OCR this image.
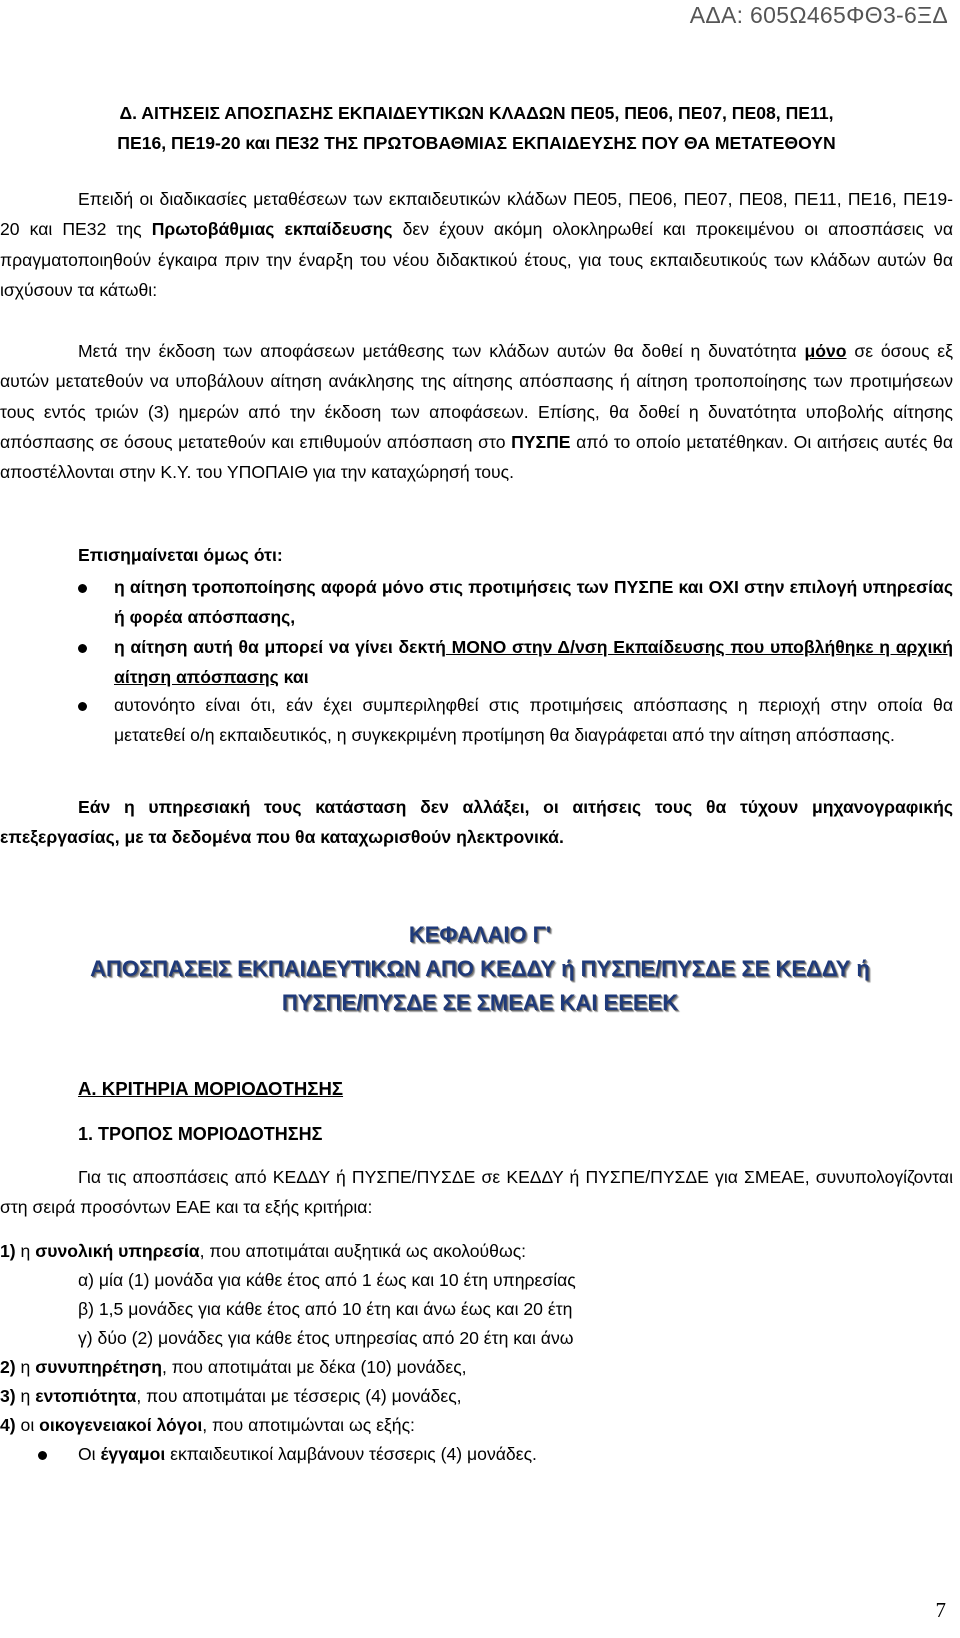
ΑΔΑ: 605Ω465ΦΘ3-6ΞΔ
Δ. ΑΙΤΗΣΕΙΣ ΑΠΟΣΠΑΣΗΣ ΕΚΠΑΙΔΕΥΤΙΚΩΝ ΚΛΑΔΩΝ ΠΕ05, ΠΕ06, ΠΕ07, ΠΕ08, ΠΕ11,
ΠΕ16, ΠΕ19-20 και ΠΕ32 ΤΗΣ ΠΡΩΤΟΒΑΘΜΙΑΣ ΕΚΠΑΙΔΕΥΣΗΣ ΠΟΥ ΘΑ ΜΕΤΑΤΕΘΟΥΝ

Επειδή οι διαδικασίες μεταθέσεων των εκπαιδευτικών κλάδων ΠΕ05, ΠΕ06, ΠΕ07, ΠΕ08, ΠΕ11, ΠΕ16, ΠΕ19-20 και ΠΕ32 της Πρωτοβάθμιας εκπαίδευσης δεν έχουν ακόμη ολοκληρωθεί και προκειμένου οι αποσπάσεις να πραγματοποιηθούν έγκαιρα πριν την έναρξη του νέου διδακτικού έτους, για τους εκπαιδευτικούς των κλάδων αυτών θα ισχύσουν τα κάτωθι:

Μετά την έκδοση των αποφάσεων μετάθεσης των κλάδων αυτών θα δοθεί η δυνατότητα μόνο σε όσους εξ αυτών μετατεθούν να υποβάλουν αίτηση ανάκλησης της αίτησης απόσπασης ή αίτηση τροποποίησης των προτιμήσεων τους εντός τριών (3) ημερών από την έκδοση των αποφάσεων. Επίσης, θα δοθεί η δυνατότητα υποβολής αίτησης απόσπασης σε όσους μετατεθούν και επιθυμούν απόσπαση στο ΠΥΣΠΕ από το οποίο μετατέθηκαν. Οι αιτήσεις αυτές θα αποστέλλονται στην Κ.Υ. του ΥΠΟΠΑΙΘ για την καταχώρησή τους.

Επισημαίνεται όμως ότι:
η αίτηση τροποποίησης αφορά μόνο στις προτιμήσεις των ΠΥΣΠΕ και ΟΧΙ στην επιλογή υπηρεσίας ή φορέα απόσπασης,
η αίτηση αυτή θα μπορεί να γίνει δεκτή ΜΟΝΟ στην Δ/νση Εκπαίδευσης που υποβλήθηκε η αρχική αίτηση απόσπασης και
αυτονόητο είναι ότι, εάν έχει συμπεριληφθεί στις προτιμήσεις απόσπασης η περιοχή στην οποία θα μετατεθεί ο/η εκπαιδευτικός, η συγκεκριμένη προτίμηση θα διαγράφεται από την αίτηση απόσπασης.

Εάν η υπηρεσιακή τους κατάσταση δεν αλλάξει, οι αιτήσεις τους θα τύχουν μηχανογραφικής επεξεργασίας, με τα δεδομένα που θα καταχωρισθούν ηλεκτρονικά.

ΚΕΦΑΛΑΙΟ Γ'
ΑΠΟΣΠΑΣΕΙΣ ΕΚΠΑΙΔΕΥΤΙΚΩΝ ΑΠΟ ΚΕΔΔΥ ή ΠΥΣΠΕ/ΠΥΣΔΕ ΣΕ ΚΕΔΔΥ ή
ΠΥΣΠΕ/ΠΥΣΔΕ ΣΕ ΣΜΕΑΕ ΚΑΙ ΕΕΕΕΚ
Α. ΚΡΙΤΗΡΙΑ ΜΟΡΙΟΔΟΤΗΣΗΣ
1. ΤΡΟΠΟΣ ΜΟΡΙΟΔΟΤΗΣΗΣ

Για τις αποσπάσεις από ΚΕΔΔΥ ή ΠΥΣΠΕ/ΠΥΣΔΕ σε ΚΕΔΔΥ ή ΠΥΣΠΕ/ΠΥΣΔΕ για ΣΜΕΑΕ, συνυπολογίζονται στη σειρά προσόντων ΕΑΕ και τα εξής κριτήρια:

1) η συνολική υπηρεσία, που αποτιμάται αυξητικά ως ακολούθως:
α) μία (1) μονάδα για κάθε έτος από 1 έως και 10 έτη υπηρεσίας
β) 1,5 μονάδες για κάθε έτος από 10 έτη και άνω έως και 20 έτη
γ) δύο (2) μονάδες για κάθε έτος υπηρεσίας από 20 έτη και άνω
2) η συνυπηρέτηση, που αποτιμάται με δέκα (10) μονάδες,
3) η εντοπιότητα, που αποτιμάται με τέσσερις (4) μονάδες,
4) οι οικογενειακοί λόγοι, που αποτιμώνται ως εξής:
Οι έγγαμοι εκπαιδευτικοί λαμβάνουν τέσσερις (4) μονάδες.
7
